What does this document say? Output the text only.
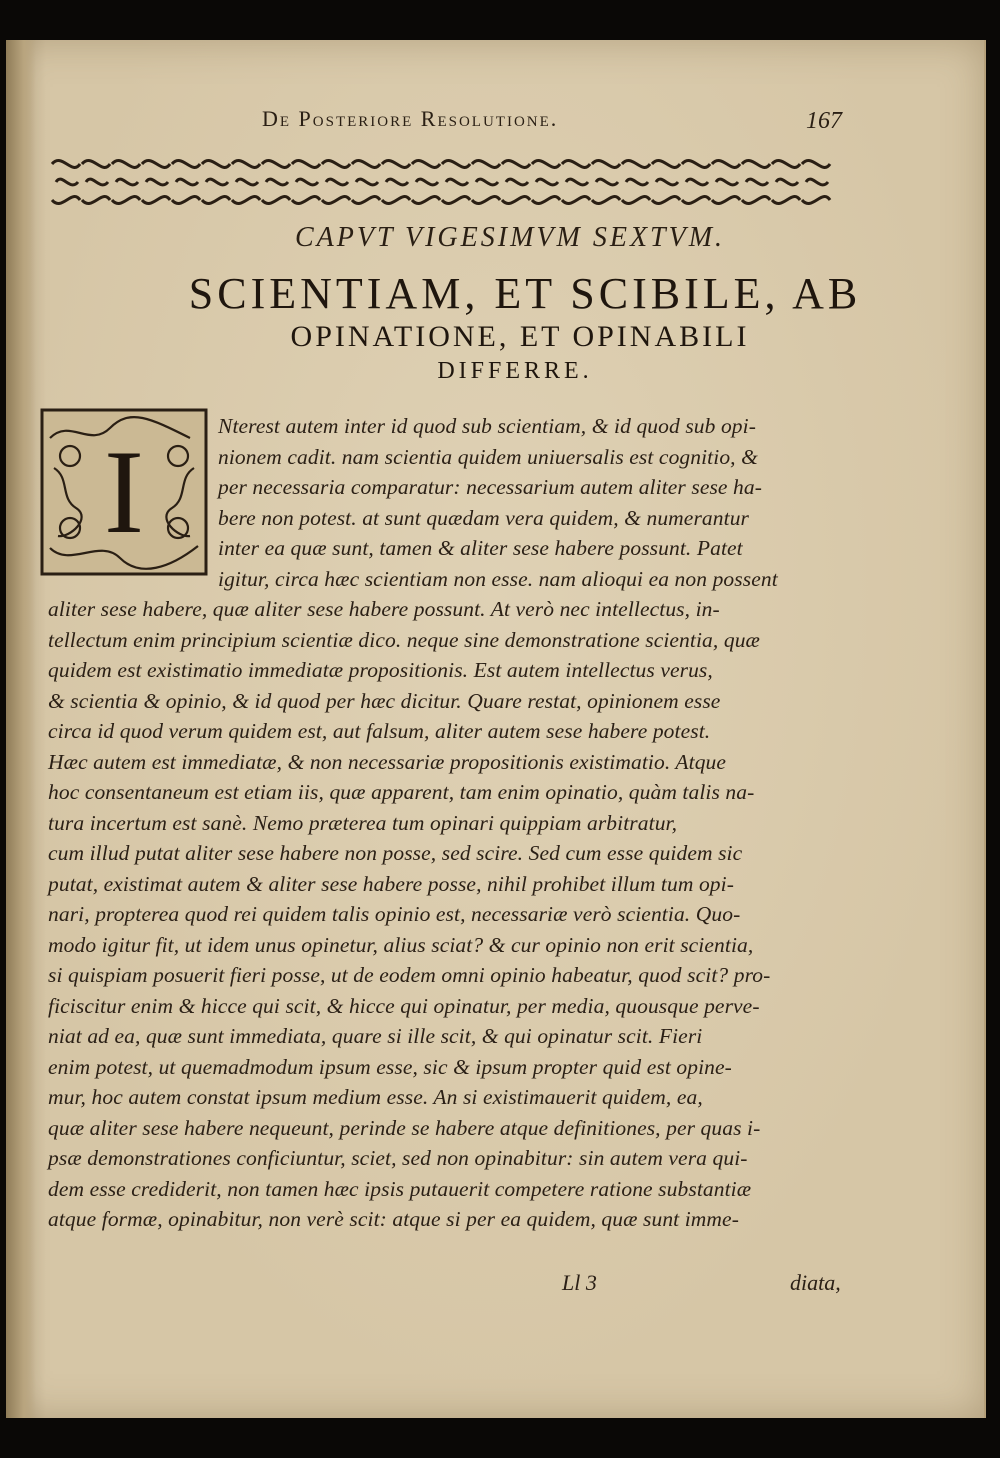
De Posteriore Resolutione.	167
CAPVT VIGESIMVM SEXTVM.
SCIENTIAM, ET SCIBILE, AB
OPINATIONE, ET OPINABILI
DIFFERRE.
I	Nterest autem inter id quod sub scientiam, & id quod sub opi-
nionem cadit. nam scientia quidem uniuersalis est cognitio, &
per necessaria comparatur: necessarium autem aliter sese ha-
bere non potest. at sunt quædam vera quidem, & numerantur
inter ea quæ sunt, tamen & aliter sese habere possunt. Patet
igitur, circa hæc scientiam non esse. nam alioqui ea non possent
aliter sese habere, quæ aliter sese habere possunt. At verò nec intellectus, in-
tellectum enim principium scientiæ dico. neque sine demonstratione scientia, quæ
quidem est existimatio immediatæ propositionis. Est autem intellectus verus,
& scientia & opinio, & id quod per hæc dicitur. Quare restat, opinionem esse
circa id quod verum quidem est, aut falsum, aliter autem sese habere potest.
Hæc autem est immediatæ, & non necessariæ propositionis existimatio. Atque
hoc consentaneum est etiam iis, quæ apparent, tam enim opinatio, quàm talis na-
tura incertum est sanè. Nemo præterea tum opinari quippiam arbitratur,
cum illud putat aliter sese habere non posse, sed scire. Sed cum esse quidem sic
putat, existimat autem & aliter sese habere posse, nihil prohibet illum tum opi-
nari, propterea quod rei quidem talis opinio est, necessariæ verò scientia. Quo-
modo igitur fit, ut idem unus opinetur, alius sciat? & cur opinio non erit scientia,
si quispiam posuerit fieri posse, ut de eodem omni opinio habeatur, quod scit? pro-
ficiscitur enim & hicce qui scit, & hicce qui opinatur, per media, quousque perve-
niat ad ea, quæ sunt immediata, quare si ille scit, & qui opinatur scit. Fieri
enim potest, ut quemadmodum ipsum esse, sic & ipsum propter quid est opine-
mur, hoc autem constat ipsum medium esse. An si existimauerit quidem, ea,
quæ aliter sese habere nequeunt, perinde se habere atque definitiones, per quas i-
psæ demonstrationes conficiuntur, sciet, sed non opinabitur: sin autem vera qui-
dem esse crediderit, non tamen hæc ipsis putauerit competere ratione substantiæ
atque formæ, opinabitur, non verè scit: atque si per ea quidem, quæ sunt imme-
Ll 3	diata,
